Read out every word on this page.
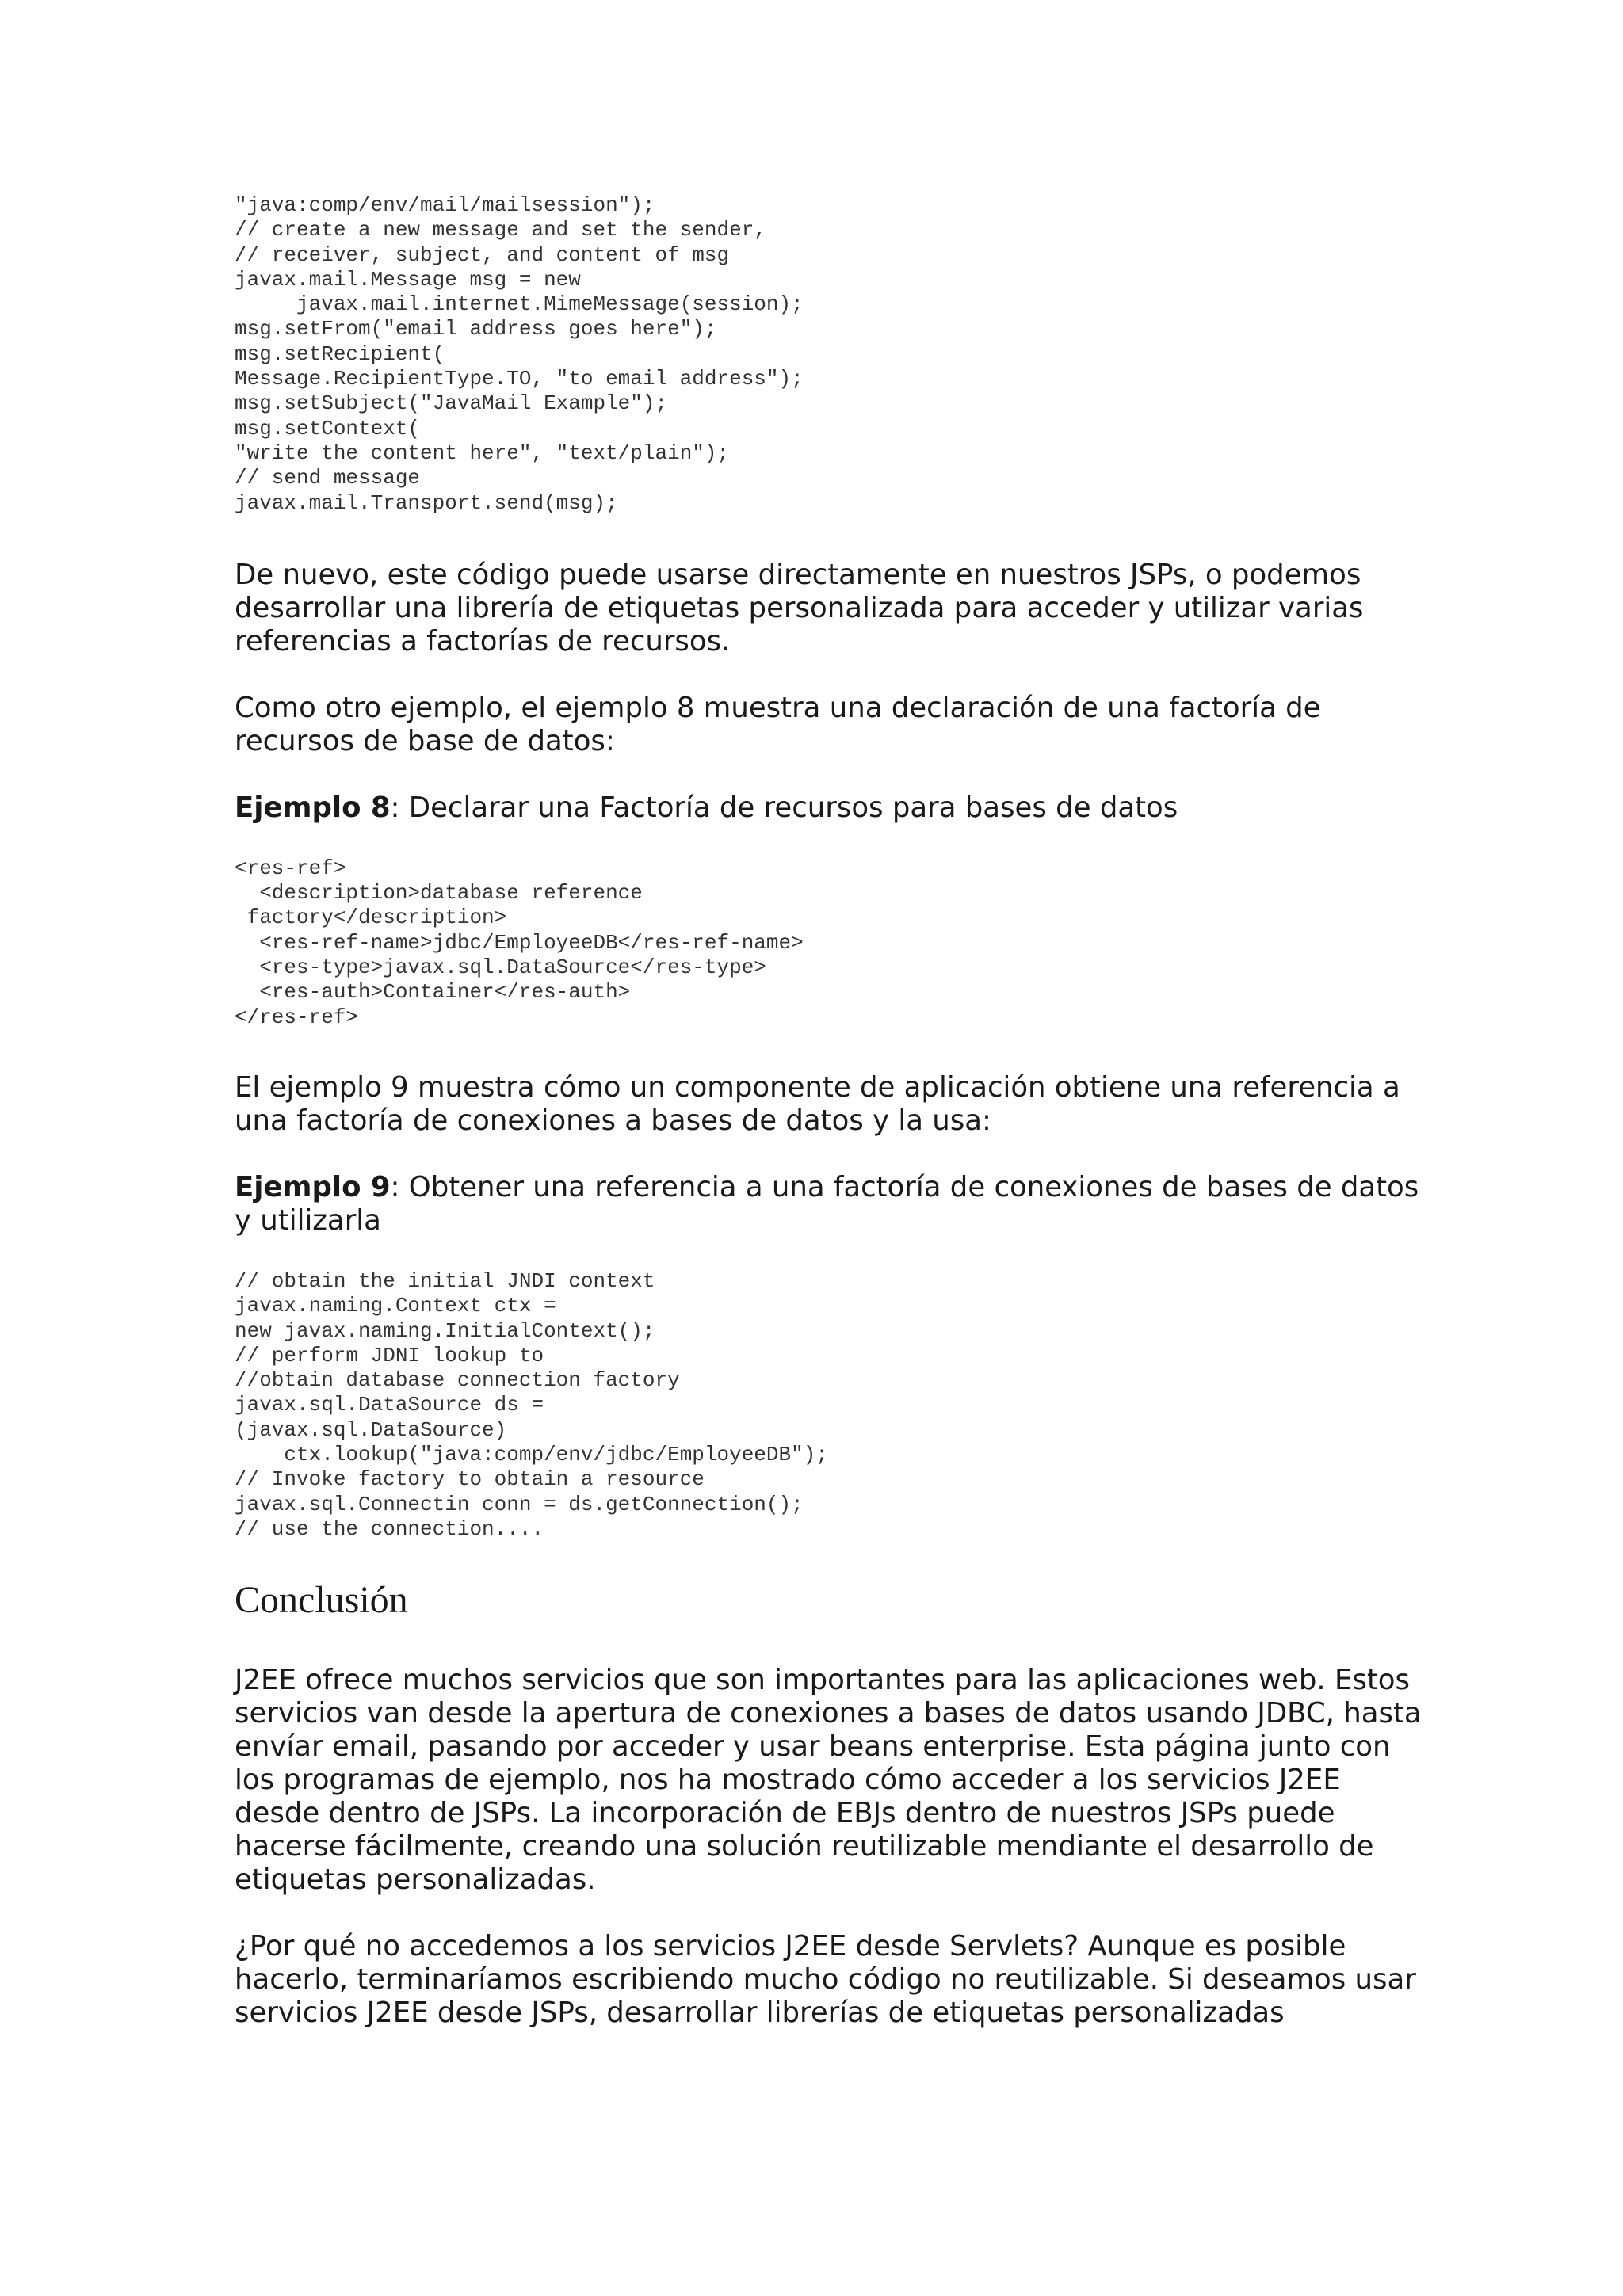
"java:comp/env/mail/mailsession");
// create a new message and set the sender,
// receiver, subject, and content of msg
javax.mail.Message msg = new
javax.mail.internet.MimeMessage(session);
msg.setFrom("email address goes here");
msg.setRecipient(
Message.RecipientType.TO, "to email address");
msg.setSubject("JavaMail Example");
msg.setContext(
"write the content here", "text/plain");
// send message
javax.mail.Transport.send(msg);

De nuevo, este código puede usarse directamente en nuestros JSPs, o podemos desarrollar una librería de etiquetas personalizada para acceder y utilizar varias referencias a factorías de recursos.

Como otro ejemplo, el ejemplo 8 muestra una declaración de una factoría de recursos de base de datos:

Ejemplo 8: Declarar una Factoría de recursos para bases de datos

<res-ref>
<description>database reference
factory</description>
<res-ref-name>jdbc/EmployeeDB</res-ref-name>
<res-type>javax.sql.DataSource</res-type>
<res-auth>Container</res-auth>
</res-ref>

El ejemplo 9 muestra cómo un componente de aplicación obtiene una referencia a una factoría de conexiones a bases de datos y la usa:

Ejemplo 9: Obtener una referencia a una factoría de conexiones de bases de datos y utilizarla

// obtain the initial JNDI context
javax.naming.Context ctx =
new javax.naming.InitialContext();
// perform JDNI lookup to
//obtain database connection factory
javax.sql.DataSource ds =
(javax.sql.DataSource)
ctx.lookup("java:comp/env/jdbc/EmployeeDB");
// Invoke factory to obtain a resource
javax.sql.Connectin conn = ds.getConnection();
// use the connection....
Conclusión

J2EE ofrece muchos servicios que son importantes para las aplicaciones web. Estos servicios van desde la apertura de conexiones a bases de datos usando JDBC, hasta envíar email, pasando por acceder y usar beans enterprise. Esta página junto con los programas de ejemplo, nos ha mostrado cómo acceder a los servicios J2EE desde dentro de JSPs. La incorporación de EBJs dentro de nuestros JSPs puede hacerse fácilmente, creando una solución reutilizable mendiante el desarrollo de etiquetas personalizadas.

¿Por qué no accedemos a los servicios J2EE desde Servlets? Aunque es posible hacerlo, terminaríamos escribiendo mucho código no reutilizable. Si deseamos usar servicios J2EE desde JSPs, desarrollar librerías de etiquetas personalizadas
